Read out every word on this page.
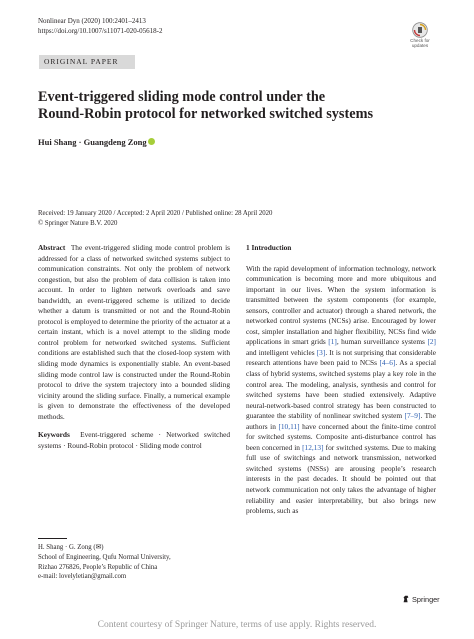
Nonlinear Dyn (2020) 100:2401–2413
https://doi.org/10.1007/s11071-020-05618-2
Check for
updates
ORIGINAL PAPER
Event-triggered sliding mode control under the
Round-Robin protocol for networked switched systems
Hui Shang · Guangdeng Zong
Received: 19 January 2020 / Accepted: 2 April 2020 / Published online: 28 April 2020
© Springer Nature B.V. 2020
Abstract The event-triggered sliding mode control problem is addressed for a class of networked switched systems subject to communication constraints. Not only the problem of network congestion, but also the problem of data collision is taken into account. In order to lighten network overloads and save bandwidth, an event-triggered scheme is utilized to decide whether a datum is transmitted or not and the Round-Robin protocol is employed to determine the priority of the actuator at a certain instant, which is a novel attempt to the sliding mode control problem for networked switched systems. Sufficient conditions are established such that the closed-loop system with sliding mode dynamics is exponentially stable. An event-based sliding mode control law is constructed under the Round-Robin protocol to drive the system trajectory into a bounded sliding vicinity around the sliding surface. Finally, a numerical example is given to demonstrate the effectiveness of the developed methods.
Keywords Event-triggered scheme · Networked switched systems · Round-Robin protocol · Sliding mode control
1 Introduction
With the rapid development of information technology, network communication is becoming more and more ubiquitous and important in our lives. When the system information is transmitted between the system components (for example, sensors, controller and actuator) through a shared network, the networked control systems (NCSs) arise. Encouraged by lower cost, simpler installation and higher flexibility, NCSs find wide applications in smart grids [1], human surveillance systems [2] and intelligent vehicles [3]. It is not surprising that considerable research attentions have been paid to NCSs [4–6]. As a special class of hybrid systems, switched systems play a key role in the control area. The modeling, analysis, synthesis and control for switched systems have been studied extensively. Adaptive neural-network-based control strategy has been constructed to guarantee the stability of nonlinear switched system [7–9]. The authors in [10,11] have concerned about the finite-time control for switched systems. Composite anti-disturbance control has been concerned in [12,13] for switched systems. Due to making full use of switchings and network transmission, networked switched systems (NSSs) are arousing people’s research interests in the past decades. It should be pointed out that network communication not only takes the advantage of higher reliability and easier interpretability, but also brings new problems, such as
H. Shang · G. Zong (✉)
School of Engineering, Qufu Normal University,
Rizhao 276826, People’s Republic of China
e-mail: lovelyletian@gmail.com
Springer
Content courtesy of Springer Nature, terms of use apply. Rights reserved.
